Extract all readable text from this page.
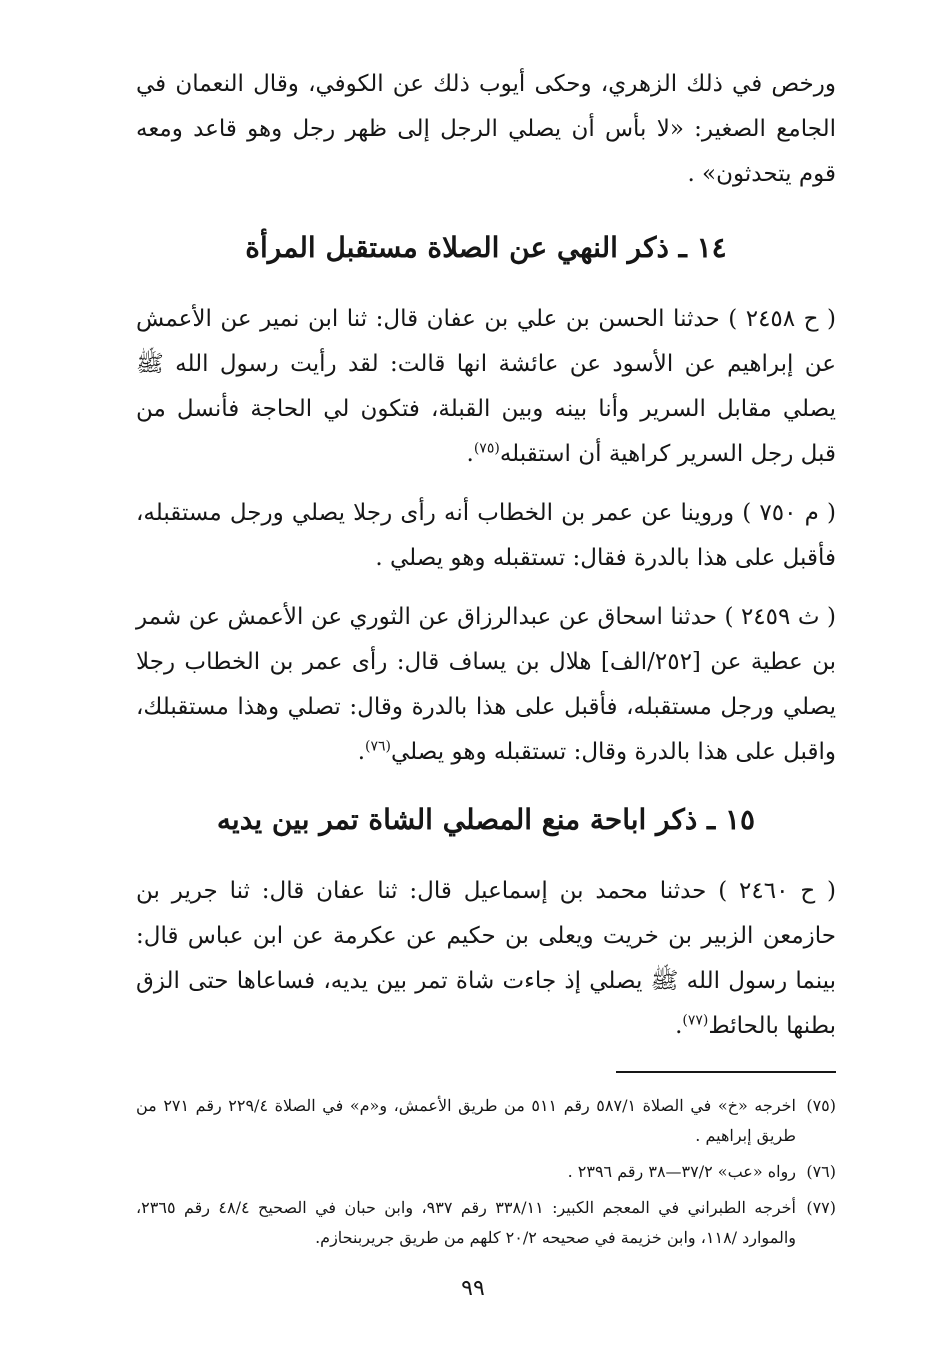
ورخص في ذلك الزهري، وحكى أيوب ذلك عن الكوفي، وقال النعمان في الجامع الصغير: «لا بأس أن يصلي الرجل إلى ظهر رجل وهو قاعد ومعه قوم يتحدثون» .

١٤ ـ ذكر النهي عن الصلاة مستقبل المرأة

( ح ٢٤٥٨ ) حدثنا الحسن بن علي بن عفان قال: ثنا ابن نمير عن الأعمش عن إبراهيم عن الأسود عن عائشة انها قالت: لقد رأيت رسول الله ﷺ يصلي مقابل السرير وأنا بينه وبين القبلة، فتكون لي الحاجة فأنسل من قبل رجل السرير كراهية أن استقبله$^{(٧٥)}$.

( م ٧٥٠ ) وروينا عن عمر بن الخطاب أنه رأى رجلا يصلي ورجل مستقبله، فأقبل على هذا بالدرة فقال: تستقبله وهو يصلي .

( ث ٢٤٥٩ ) حدثنا اسحاق عن عبدالرزاق عن الثوري عن الأعمش عن شمر بن عطية عن [٢٥٢/الف] هلال بن يساف قال: رأى عمر بن الخطاب رجلا يصلي ورجل مستقبله، فأقبل على هذا بالدرة وقال: تصلي وهذا مستقبلك، واقبل على هذا بالدرة وقال: تستقبله وهو يصلي$^{(٧٦)}$.

١٥ ـ ذكر اباحة منع المصلي الشاة تمر بين يديه

( ح ٢٤٦٠ ) حدثنا محمد بن إسماعيل قال: ثنا عفان قال: ثنا جرير بن حازمعن الزبير بن خريت ويعلى بن حكيم عن عكرمة عن ابن عباس قال: بينما رسول الله ﷺ يصلي إذ جاءت شاة تمر بين يديه، فساعاها حتى الزق بطنها بالحائط$^{(٧٧)}$.

(٧٥)
اخرجه «خ» في الصلاة ٥٨٧/١ رقم ٥١١ من طريق الأعمش، و«م» في الصلاة ٢٢٩/٤ رقم ٢٧١ من طريق إبراهيم .
(٧٦)
رواه «عب» ٣٧/٢—٣٨ رقم ٢٣٩٦ .
(٧٧)
أخرجه الطبراني في المعجم الكبير: ٣٣٨/١١ رقم ٩٣٧، وابن حبان في الصحيح ٤٨/٤ رقم ٢٣٦٥، والموارد /١١٨، وابن خزيمة في صحيحه ٢٠/٢ كلهم من طريق جريربنحازم.
٩٩
